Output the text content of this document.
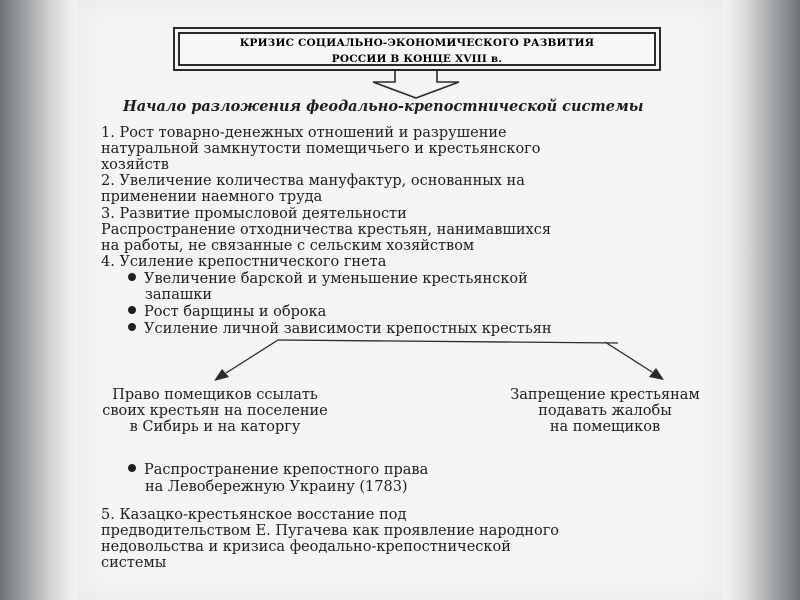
КРИЗИС СОЦИАЛЬНО-ЭКОНОМИЧЕСКОГО РАЗВИТИЯ
РОССИИ В КОНЦЕ XVIII в.
Начало разложения феодально-крепостнической системы
1. Рост товарно-денежных отношений и разрушение
натуральной замкнутости помещичьего и крестьянского
хозяйств
2. Увеличение количества мануфактур, основанных на
применении наемного труда
3. Развитие промысловой деятельности
Распространение отходничества крестьян, нанимавшихся
на работы, не связанные с сельским хозяйством
4. Усиление крепостнического гнета
Увеличение барской и уменьшение крестьянской
запашки
Рост барщины и оброка
Усиление личной зависимости крепостных крестьян
Право помещиков ссылать
своих крестьян на поселение
в Сибирь и на каторгу
Запрещение крестьянам
подавать жалобы
на помещиков
Распространение крепостного права
на Левобережную Украину (1783)
5. Казацко-крестьянское восстание под
предводительством Е. Пугачева как проявление народного
недовольства и кризиса феодально-крепостнической
системы
